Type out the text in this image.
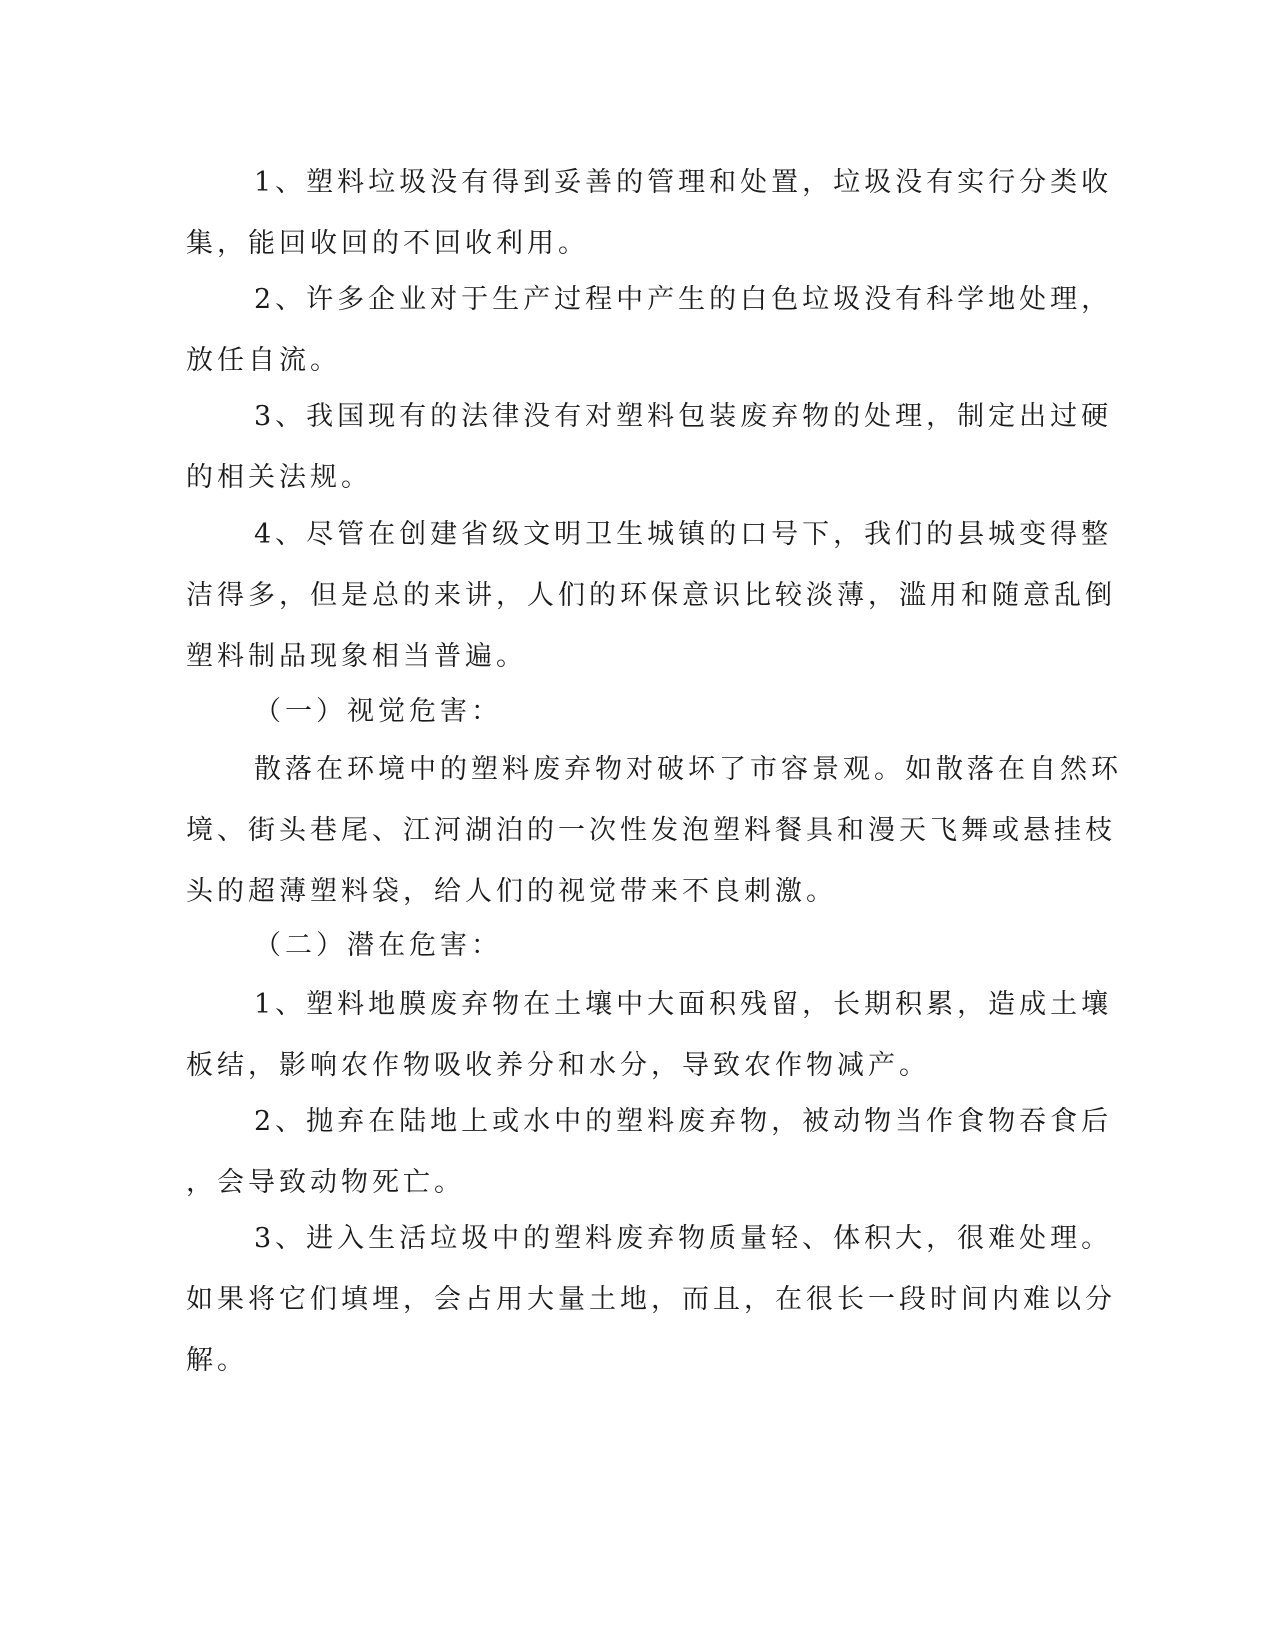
1、塑料垃圾没有得到妥善的管理和处置，垃圾没有实行分类收
集，能回收回的不回收利用。
2、许多企业对于生产过程中产生的白色垃圾没有科学地处理，
放任自流。
3、我国现有的法律没有对塑料包装废弃物的处理，制定出过硬
的相关法规。
4、尽管在创建省级文明卫生城镇的口号下，我们的县城变得整
洁得多，但是总的来讲，人们的环保意识比较淡薄，滥用和随意乱倒
塑料制品现象相当普遍。
（一）视觉危害：
散落在环境中的塑料废弃物对破坏了市容景观。如散落在自然环
境、街头巷尾、江河湖泊的一次性发泡塑料餐具和漫天飞舞或悬挂枝
头的超薄塑料袋，给人们的视觉带来不良刺激。
（二）潜在危害：
1、塑料地膜废弃物在土壤中大面积残留，长期积累，造成土壤
板结，影响农作物吸收养分和水分，导致农作物减产。
2、抛弃在陆地上或水中的塑料废弃物，被动物当作食物吞食后
，会导致动物死亡。
3、进入生活垃圾中的塑料废弃物质量轻、体积大，很难处理。
如果将它们填埋，会占用大量土地，而且，在很长一段时间内难以分
解。
